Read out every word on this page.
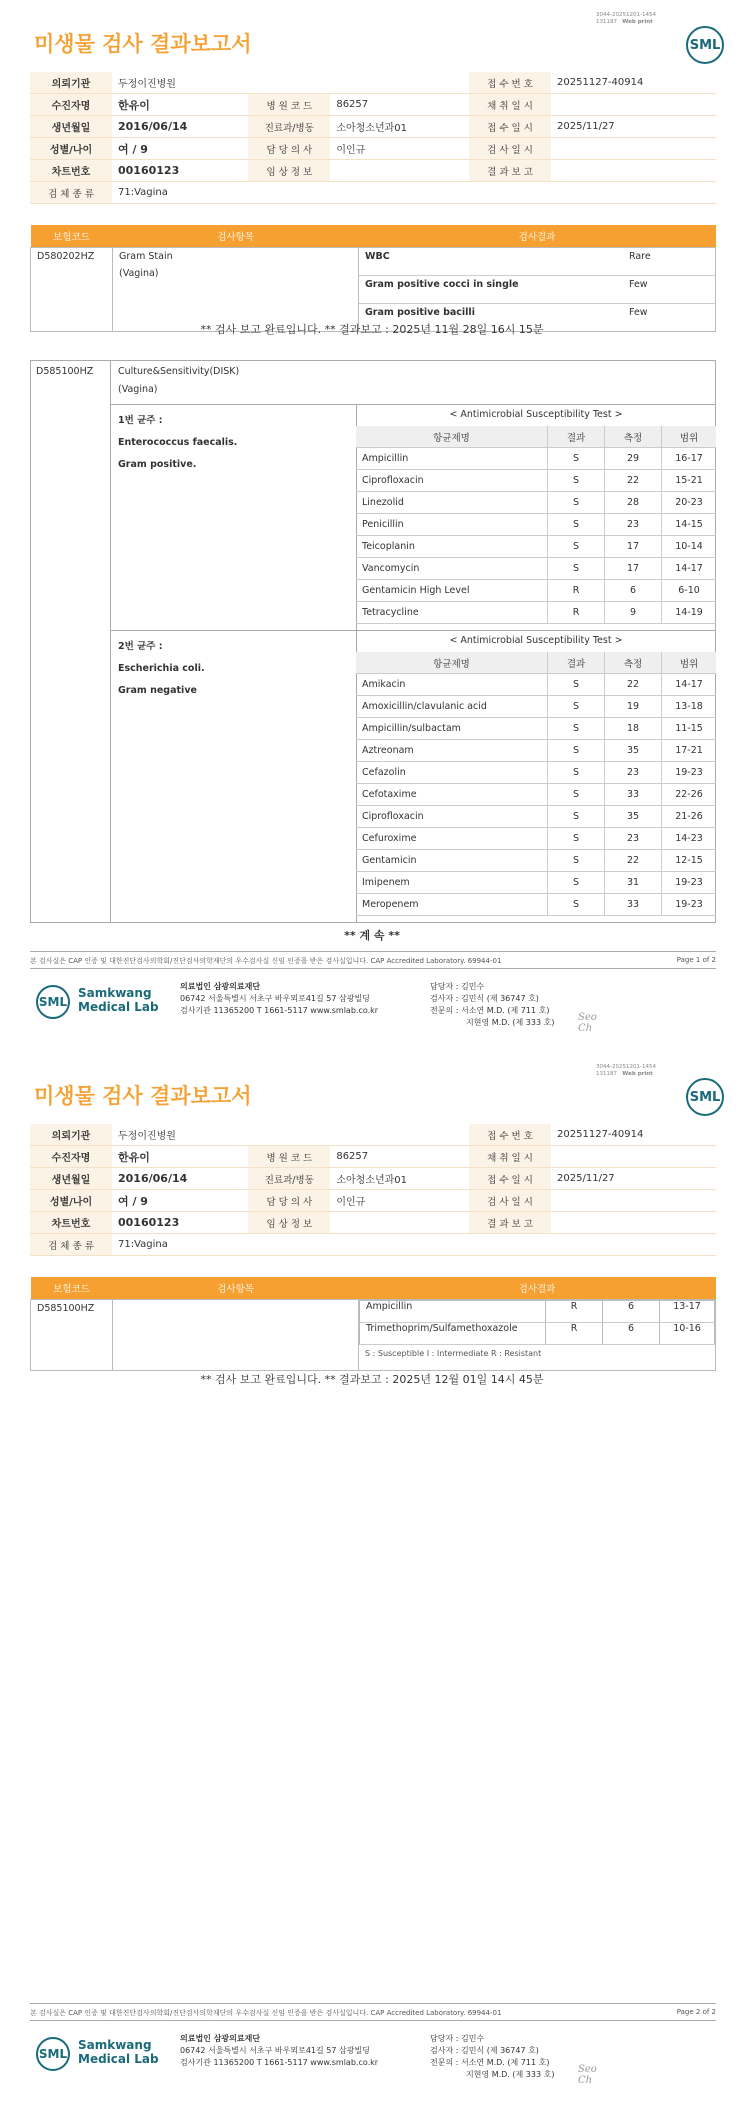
3044-20251201-1454
131187 Web print
SML
미생물 검사 결과보고서
의뢰기관	두정이진병원			접 수 번 호	20251127-40914
수진자명	한유이	병 원 코 드	86257	채 취 일 시	
생년월일	2016/06/14	진료과/병동	소아청소년과01	접 수 일 시	2025/11/27
성별/나이	여 / 9	담 당 의 사	이인규	검 사 일 시	
차트번호	00160123	임 상 정 보		결 과 보 고	
검 체 종 류	71:Vagina				
보험코드	검사항목	검사결과
D580202HZ	Gram Stain
(Vagina)

WBC	Rare
Gram positive cocci in single	Few
Gram positive bacilli	Few
** 검사 보고 완료입니다. ** 결과보고 : 2025년 11월 28일 16시 15분
D585100HZ	Culture&Sensitivity(DISK)
(Vagina)
1번 균주 :
Enterococcus faecalis.
Gram positive.
< Antimicrobial Susceptibility Test >
항균제명	결과	측정	범위
Ampicillin	S	29	16-17
Ciprofloxacin	S	22	15-21
Linezolid	S	28	20-23
Penicillin	S	23	14-15
Teicoplanin	S	17	10-14
Vancomycin	S	17	14-17
Gentamicin High Level	R	6	6-10
Tetracycline	R	9	14-19
2번 균주 :
Escherichia coli.
Gram negative
< Antimicrobial Susceptibility Test >
항균제명	결과	측정	범위
Amikacin	S	22	14-17
Amoxicillin/clavulanic acid	S	19	13-18
Ampicillin/sulbactam	S	18	11-15
Aztreonam	S	35	17-21
Cefazolin	S	23	19-23
Cefotaxime	S	33	22-26
Ciprofloxacin	S	35	21-26
Cefuroxime	S	23	14-23
Gentamicin	S	22	12-15
Imipenem	S	31	19-23
Meropenem	S	33	19-23
** 계 속 **
본 검사실은 CAP 인증 및 대한진단검사의학회/진단검사의학재단의 우수검사실 신임 인증을 받은 검사실입니다. CAP Accredited Laboratory. 69944-01	Page 1 of 2
SML
Samkwang
Medical Lab
의료법인 삼광의료재단
06742 서울특별시 서초구 바우뫼로41길 57 삼광빌딩
검사기관 11365200 T 1661-5117 www.smlab.co.kr
담당자 : 김민수
검사자 : 김민식 (제 36747 호)
전문의 : 서소연 M.D. (제 711 호)
지현영 M.D. (제 333 호) Seo
Ch
3044-20251201-1454
131187 Web print
SML
미생물 검사 결과보고서
의뢰기관	두정이진병원			접 수 번 호	20251127-40914
수진자명	한유이	병 원 코 드	86257	채 취 일 시	
생년월일	2016/06/14	진료과/병동	소아청소년과01	접 수 일 시	2025/11/27
성별/나이	여 / 9	담 당 의 사	이인규	검 사 일 시	
차트번호	00160123	임 상 정 보		결 과 보 고	
검 체 종 류	71:Vagina				
보험코드	검사항목	검사결과
D585100HZ			Ampicillin	R	6	13-17
Trimethoprim/Sulfamethoxazole	R	6	10-16
S : Susceptible I : Intermediate R : Resistant
** 검사 보고 완료입니다. ** 결과보고 : 2025년 12월 01일 14시 45분
본 검사실은 CAP 인증 및 대한진단검사의학회/진단검사의학재단의 우수검사실 신임 인증을 받은 검사실입니다. CAP Accredited Laboratory. 69944-01	Page 2 of 2
SML
Samkwang
Medical Lab
의료법인 삼광의료재단
06742 서울특별시 서초구 바우뫼로41길 57 삼광빌딩
검사기관 11365200 T 1661-5117 www.smlab.co.kr
담당자 : 김민수
검사자 : 김민식 (제 36747 호)
전문의 : 서소연 M.D. (제 711 호)
지현영 M.D. (제 333 호) Seo
Ch
